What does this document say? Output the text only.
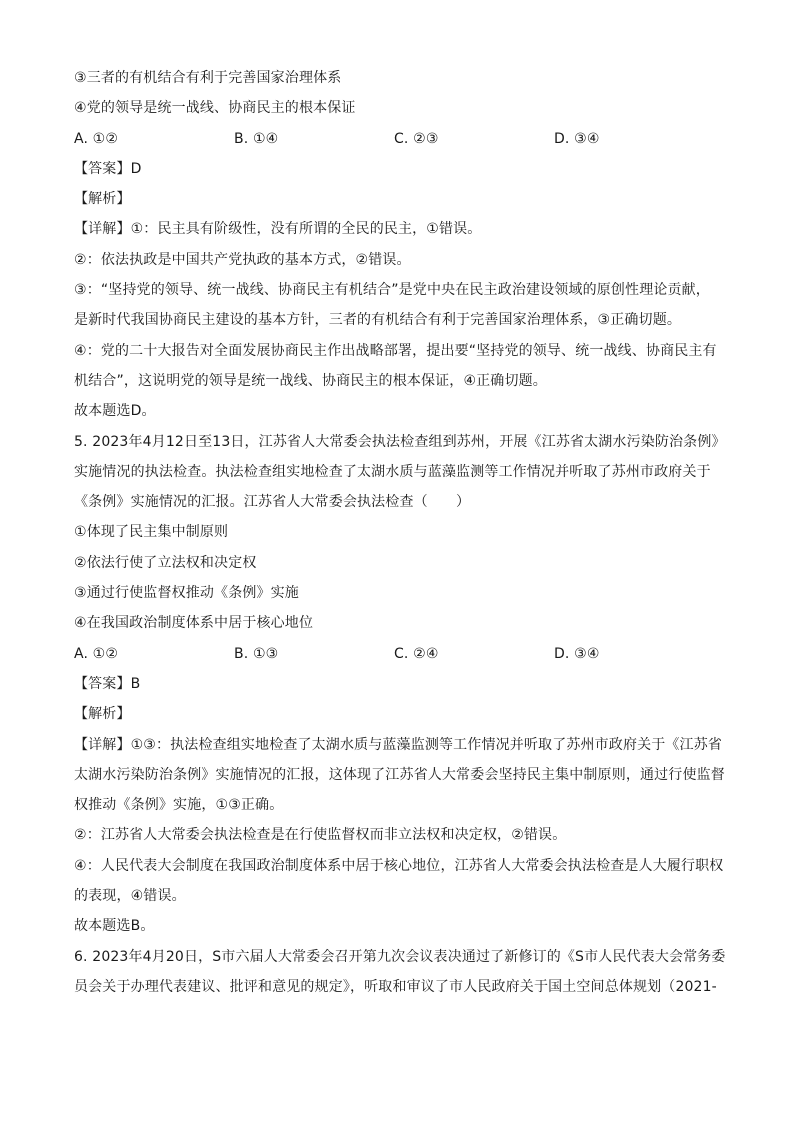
③三者的有机结合有利于完善国家治理体系
④党的领导是统一战线、协商民主的根本保证
A. ①②	B. ①④	C. ②③	D. ③④
【答案】D
【解析】
【详解】①：民主具有阶级性，没有所谓的全民的民主，①错误。
②：依法执政是中国共产党执政的基本方式，②错误。
③：“坚持党的领导、统一战线、协商民主有机结合”是党中央在民主政治建设领域的原创性理论贡献，
是新时代我国协商民主建设的基本方针，三者的有机结合有利于完善国家治理体系，③正确切题。
④：党的二十大报告对全面发展协商民主作出战略部署，提出要“坚持党的领导、统一战线、协商民主有
机结合”，这说明党的领导是统一战线、协商民主的根本保证，④正确切题。
故本题选D。
5. 2023年4月12日至13日，江苏省人大常委会执法检查组到苏州，开展《江苏省太湖水污染防治条例》
实施情况的执法检查。执法检查组实地检查了太湖水质与蓝藻监测等工作情况并听取了苏州市政府关于
《条例》实施情况的汇报。江苏省人大常委会执法检查（　　）
①体现了民主集中制原则
②依法行使了立法权和决定权
③通过行使监督权推动《条例》实施
④在我国政治制度体系中居于核心地位
A. ①②	B. ①③	C. ②④	D. ③④
【答案】B
【解析】
【详解】①③：执法检查组实地检查了太湖水质与蓝藻监测等工作情况并听取了苏州市政府关于《江苏省
太湖水污染防治条例》实施情况的汇报，这体现了江苏省人大常委会坚持民主集中制原则，通过行使监督
权推动《条例》实施，①③正确。
②：江苏省人大常委会执法检查是在行使监督权而非立法权和决定权，②错误。
④：人民代表大会制度在我国政治制度体系中居于核心地位，江苏省人大常委会执法检查是人大履行职权
的表现，④错误。
故本题选B。
6. 2023年4月20日，S市六届人大常委会召开第九次会议表决通过了新修订的《S市人民代表大会常务委
员会关于办理代表建议、批评和意见的规定》，听取和审议了市人民政府关于国土空间总体规划（2021-
